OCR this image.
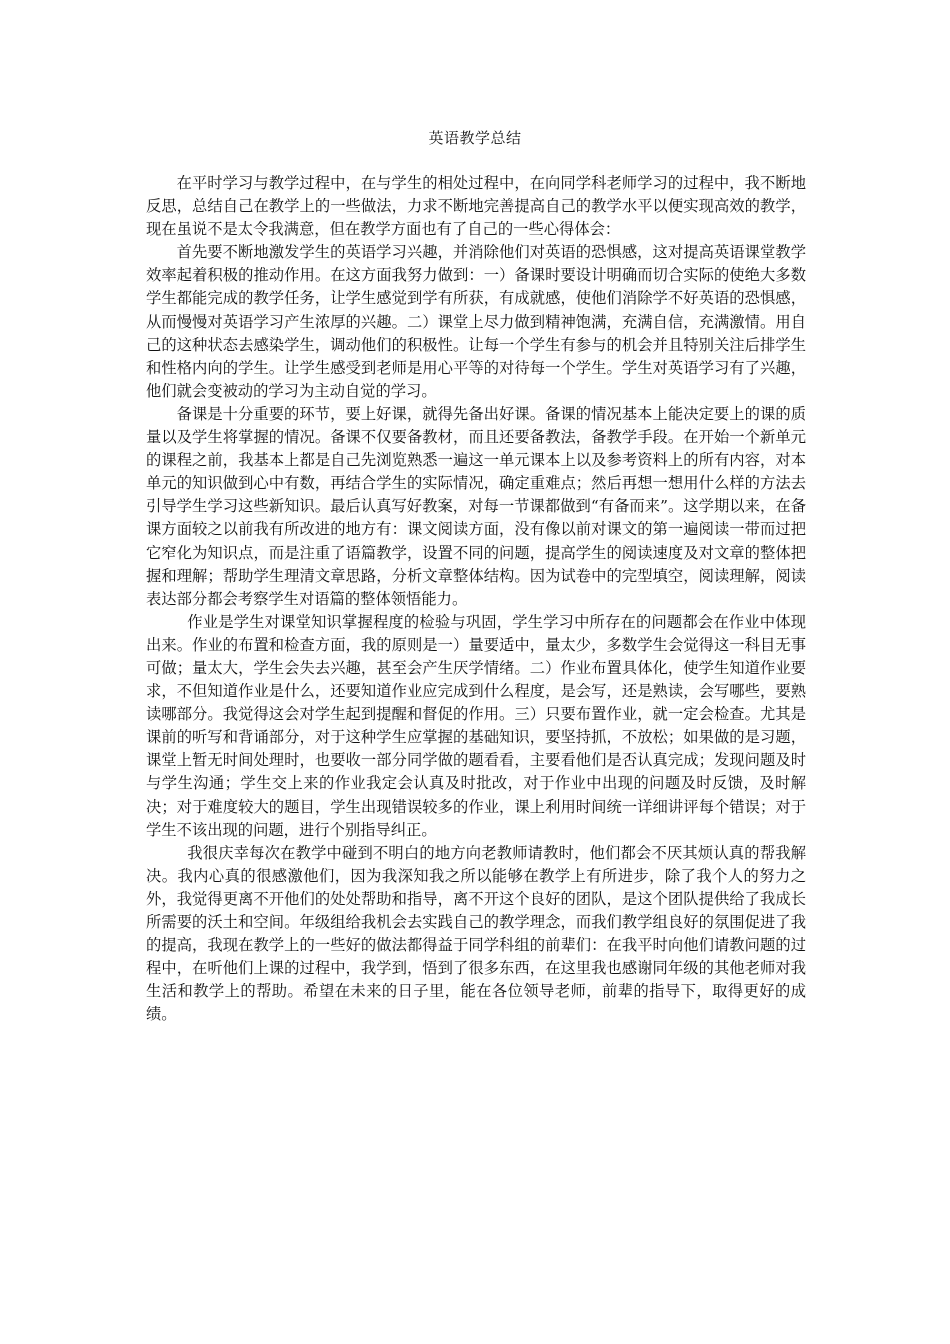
英语教学总结

在平时学习与教学过程中，在与学生的相处过程中，在向同学科老师学习的过程中，我不断地反思，总结自己在教学上的一些做法，力求不断地完善提高自己的教学水平以便实现高效的教学，现在虽说不是太令我满意，但在教学方面也有了自己的一些心得体会：

首先要不断地激发学生的英语学习兴趣，并消除他们对英语的恐惧感，这对提高英语课堂教学效率起着积极的推动作用。在这方面我努力做到：一）备课时要设计明确而切合实际的使绝大多数学生都能完成的教学任务，让学生感觉到学有所获，有成就感，使他们消除学不好英语的恐惧感，从而慢慢对英语学习产生浓厚的兴趣。二）课堂上尽力做到精神饱满，充满自信，充满激情。用自己的这种状态去感染学生，调动他们的积极性。让每一个学生有参与的机会并且特别关注后排学生和性格内向的学生。让学生感受到老师是用心平等的对待每一个学生。学生对英语学习有了兴趣，他们就会变被动的学习为主动自觉的学习。

备课是十分重要的环节，要上好课，就得先备出好课。备课的情况基本上能决定要上的课的质量以及学生将掌握的情况。备课不仅要备教材，而且还要备教法，备教学手段。在开始一个新单元的课程之前，我基本上都是自己先浏览熟悉一遍这一单元课本上以及参考资料上的所有内容，对本单元的知识做到心中有数，再结合学生的实际情况，确定重难点；然后再想一想用什么样的方法去引导学生学习这些新知识。最后认真写好教案，对每一节课都做到“有备而来”。这学期以来，在备课方面较之以前我有所改进的地方有：课文阅读方面，没有像以前对课文的第一遍阅读一带而过把它窄化为知识点，而是注重了语篇教学，设置不同的问题，提高学生的阅读速度及对文章的整体把握和理解；帮助学生理清文章思路，分析文章整体结构。因为试卷中的完型填空，阅读理解，阅读表达部分都会考察学生对语篇的整体领悟能力。

作业是学生对课堂知识掌握程度的检验与巩固，学生学习中所存在的问题都会在作业中体现出来。作业的布置和检查方面，我的原则是一）量要适中，量太少，多数学生会觉得这一科目无事可做；量太大，学生会失去兴趣，甚至会产生厌学情绪。二）作业布置具体化，使学生知道作业要求，不但知道作业是什么，还要知道作业应完成到什么程度，是会写，还是熟读，会写哪些，要熟读哪部分。我觉得这会对学生起到提醒和督促的作用。三）只要布置作业，就一定会检查。尤其是课前的听写和背诵部分，对于这种学生应掌握的基础知识，要坚持抓，不放松；如果做的是习题，课堂上暂无时间处理时，也要收一部分同学做的题看看，主要看他们是否认真完成；发现问题及时与学生沟通；学生交上来的作业我定会认真及时批改，对于作业中出现的问题及时反馈，及时解决；对于难度较大的题目，学生出现错误较多的作业，课上利用时间统一详细讲评每个错误；对于学生不该出现的问题，进行个别指导纠正。

我很庆幸每次在教学中碰到不明白的地方向老教师请教时，他们都会不厌其烦认真的帮我解决。我内心真的很感激他们，因为我深知我之所以能够在教学上有所进步，除了我个人的努力之外，我觉得更离不开他们的处处帮助和指导，离不开这个良好的团队，是这个团队提供给了我成长所需要的沃土和空间。年级组给我机会去实践自己的教学理念，而我们教学组良好的氛围促进了我的提高，我现在教学上的一些好的做法都得益于同学科组的前辈们：在我平时向他们请教问题的过程中，在听他们上课的过程中，我学到，悟到了很多东西，在这里我也感谢同年级的其他老师对我生活和教学上的帮助。希望在未来的日子里，能在各位领导老师，前辈的指导下，取得更好的成绩。
